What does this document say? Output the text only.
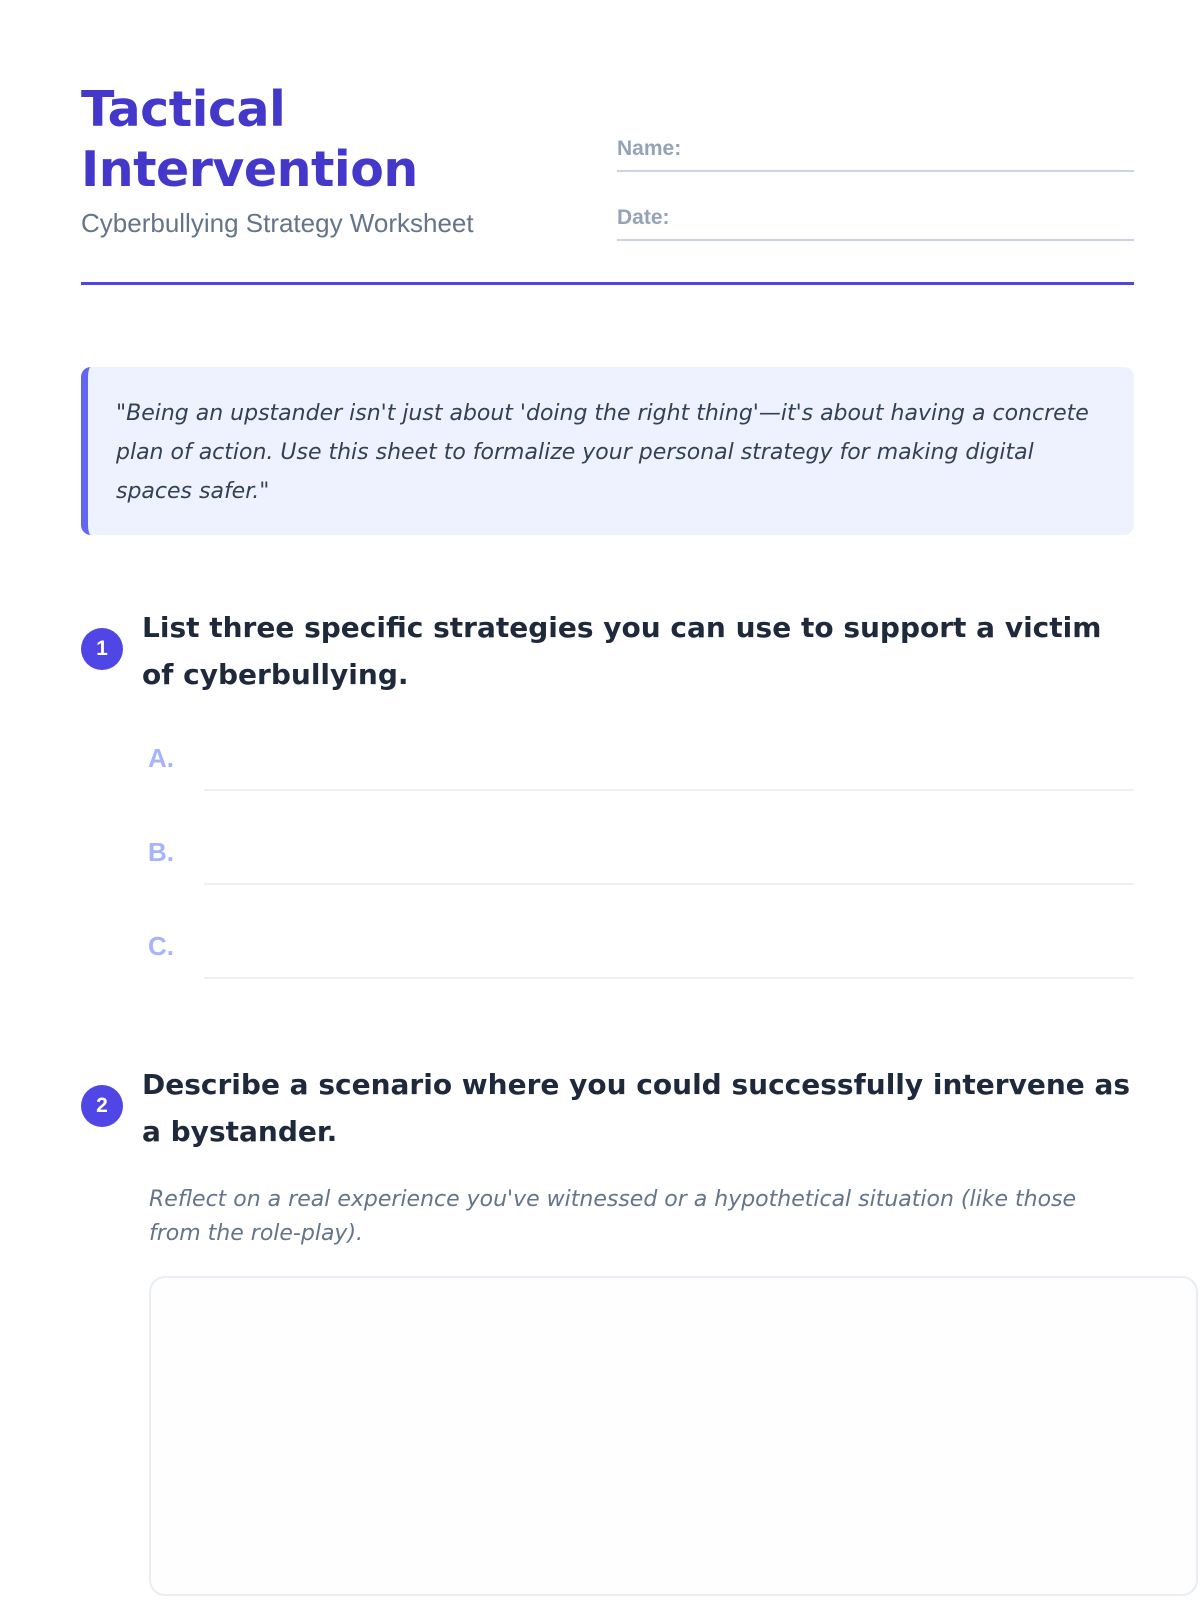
Tactical Intervention
Cyberbullying Strategy Worksheet
Name:
Date:
"Being an upstander isn't just about 'doing the right thing'—it's about having a concrete plan of action. Use this sheet to formalize your personal strategy for making digital spaces safer."
1
List three specific strategies you can use to support a victim of cyberbullying.
A.
B.
C.
2
Describe a scenario where you could successfully intervene as a bystander.
Reflect on a real experience you've witnessed or a hypothetical situation (like those from the role-play).
